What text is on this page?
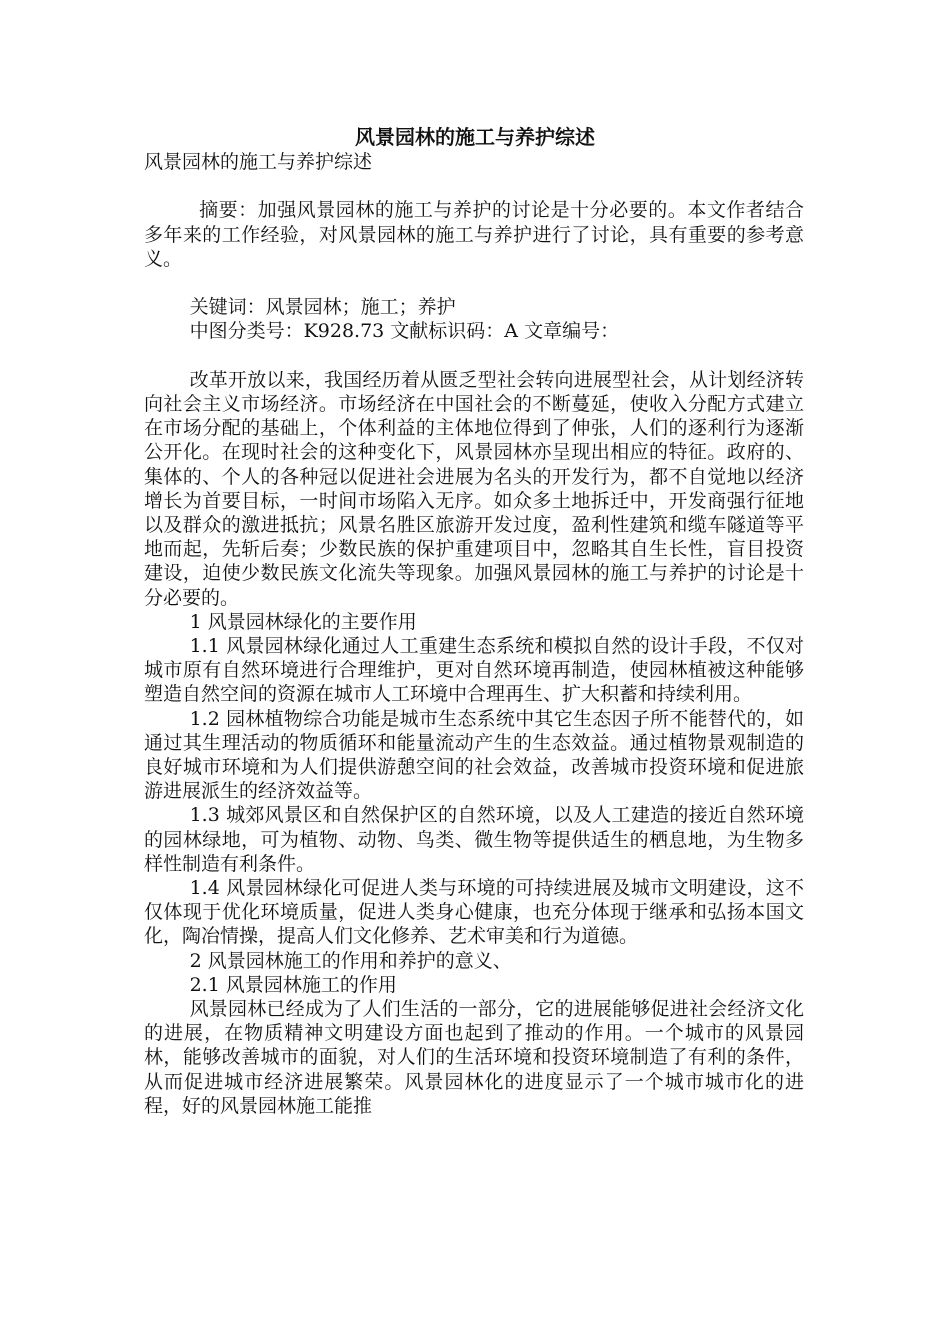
风景园林的施工与养护综述

风景园林的施工与养护综述

摘要：加强风景园林的施工与养护的讨论是十分必要的。本文作者结合多年来的工作经验，对风景园林的施工与养护进行了讨论，具有重要的参考意义。

关键词：风景园林；施工；养护

中图分类号：K928.73 文献标识码：A 文章编号：

改革开放以来，我国经历着从匮乏型社会转向进展型社会，从计划经济转向社会主义市场经济。市场经济在中国社会的不断蔓延，使收入分配方式建立在市场分配的基础上，个体利益的主体地位得到了伸张，人们的逐利行为逐渐公开化。在现时社会的这种变化下，风景园林亦呈现出相应的特征。政府的、集体的、个人的各种冠以促进社会进展为名头的开发行为，都不自觉地以经济增长为首要目标，一时间市场陷入无序。如众多土地拆迁中，开发商强行征地以及群众的激进抵抗；风景名胜区旅游开发过度，盈利性建筑和缆车隧道等平地而起，先斩后奏；少数民族的保护重建项目中，忽略其自生长性，盲目投资建设，迫使少数民族文化流失等现象。加强风景园林的施工与养护的讨论是十分必要的。

1 风景园林绿化的主要作用

1.1 风景园林绿化通过人工重建生态系统和模拟自然的设计手段，不仅对城市原有自然环境进行合理维护，更对自然环境再制造，使园林植被这种能够塑造自然空间的资源在城市人工环境中合理再生、扩大积蓄和持续利用。

1.2 园林植物综合功能是城市生态系统中其它生态因子所不能替代的，如通过其生理活动的物质循环和能量流动产生的生态效益。通过植物景观制造的良好城市环境和为人们提供游憩空间的社会效益，改善城市投资环境和促进旅游进展派生的经济效益等。

1.3 城郊风景区和自然保护区的自然环境，以及人工建造的接近自然环境的园林绿地，可为植物、动物、鸟类、微生物等提供适生的栖息地，为生物多样性制造有利条件。

1.4 风景园林绿化可促进人类与环境的可持续进展及城市文明建设，这不仅体现于优化环境质量，促进人类身心健康，也充分体现于继承和弘扬本国文化，陶冶情操，提高人们文化修养、艺术审美和行为道德。

2 风景园林施工的作用和养护的意义、

2.1 风景园林施工的作用

风景园林已经成为了人们生活的一部分，它的进展能够促进社会经济文化的进展，在物质精神文明建设方面也起到了推动的作用。一个城市的风景园林，能够改善城市的面貌，对人们的生活环境和投资环境制造了有利的条件，从而促进城市经济进展繁荣。风景园林化的进度显示了一个城市城市化的进程，好的风景园林施工能推
